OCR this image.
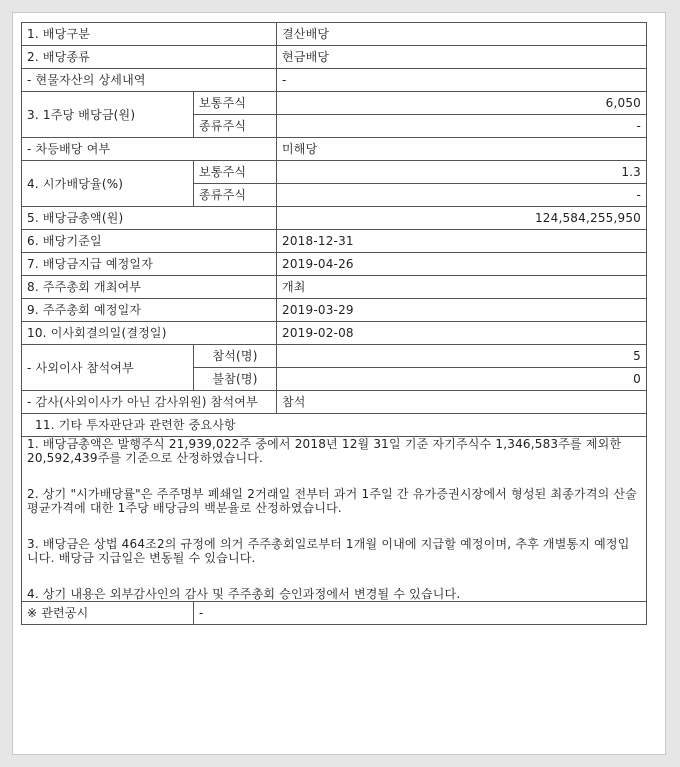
1. 배당구분		결산배당
2. 배당종류		현금배당
- 현물자산의 상세내역		-
3. 1주당 배당금(원)	보통주식	6,050
	종류주식	-
- 차등배당 여부		미해당
4. 시가배당율(%)	보통주식	1.3
	종류주식	-
5. 배당금총액(원)		124,584,255,950
6. 배당기준일		2018-12-31
7. 배당금지급 예정일자		2019-04-26
8. 주주총회 개최여부		개최
9. 주주총회 예정일자		2019-03-29
10. 이사회결의일(결정일)		2019-02-08
- 사외이사 참석여부	참석(명)	5
	불참(명)	0
- 감사(사외이사가 아닌 감사위원) 참석여부		참석
11. 기타 투자판단과 관련한 중요사항		

1. 배당금총액은 발행주식 21,939,022주 중에서 2018년 12월 31일 기준 자기주식수 1,346,583주를 제외한 20,592,439주를 기준으로 산정하였습니다.

2. 상기 "시가배당률"은 주주명부 폐쇄일 2거래일 전부터 과거 1주일 간 유가증권시장에서 형성된 최종가격의 산술평균가격에 대한 1주당 배당금의 백분율로 산정하였습니다.

3. 배당금은 상법 464조2의 규정에 의거 주주총회일로부터 1개월 이내에 지급할 예정이며, 추후 개별통지 예정입니다. 배당금 지급일은 변동될 수 있습니다.

4. 상기 내용은 외부감사인의 감사 및 주주총회 승인과정에서 변경될 수 있습니다.		

※ 관련공시	-	
